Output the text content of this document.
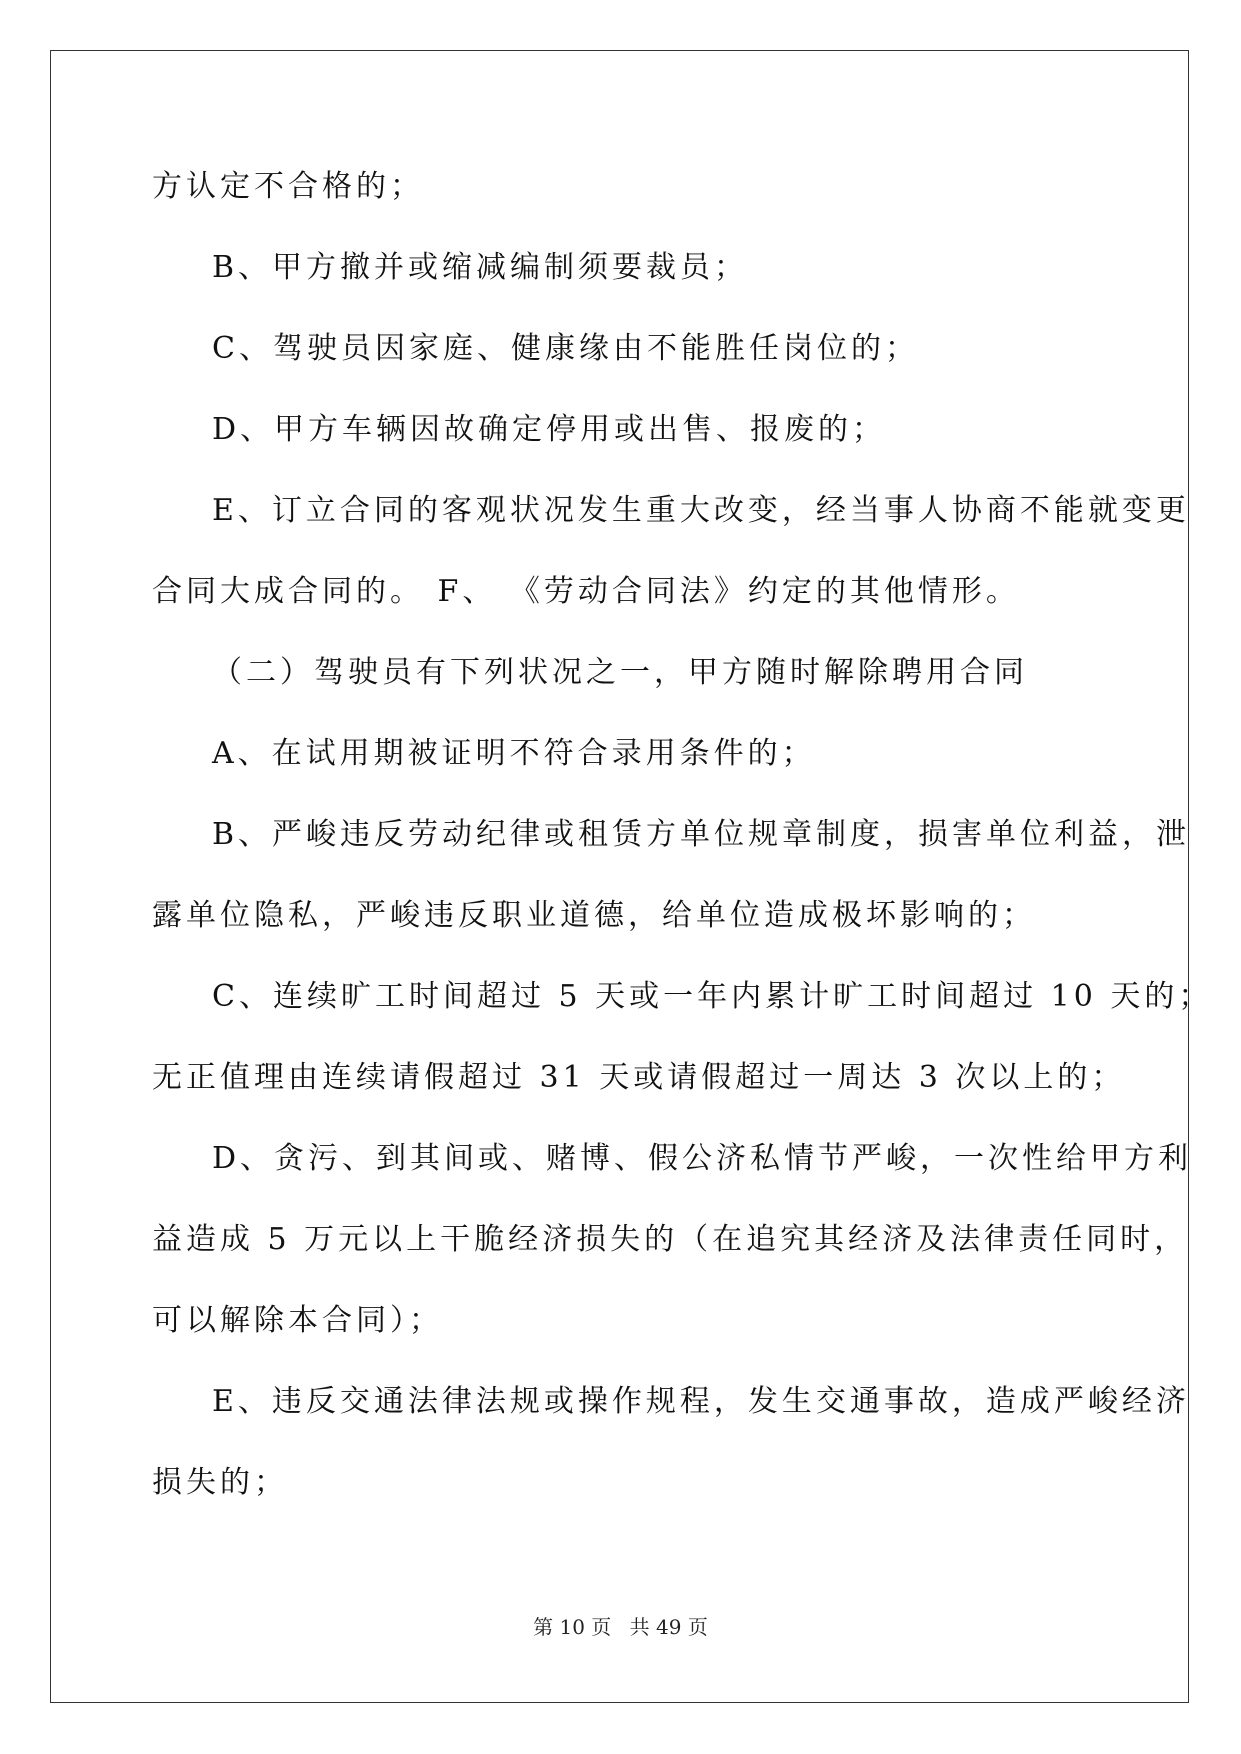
方认定不合格的；
B、甲方撤并或缩减编制须要裁员；
C、驾驶员因家庭、健康缘由不能胜任岗位的；
D、甲方车辆因故确定停用或出售、报废的；
E、订立合同的客观状况发生重大改变，经当事人协商不能就变更
合同大成合同的。 F、 《劳动合同法》约定的其他情形。
（二）驾驶员有下列状况之一，甲方随时解除聘用合同
A、在试用期被证明不符合录用条件的；
B、严峻违反劳动纪律或租赁方单位规章制度，损害单位利益，泄
露单位隐私，严峻违反职业道德，给单位造成极坏影响的；
C、连续旷工时间超过 5 天或一年内累计旷工时间超过 10 天的；
无正值理由连续请假超过 31 天或请假超过一周达 3 次以上的；
D、贪污、到其间或、赌博、假公济私情节严峻，一次性给甲方利
益造成 5 万元以上干脆经济损失的（在追究其经济及法律责任同时，
可以解除本合同）；
E、违反交通法律法规或操作规程，发生交通事故，造成严峻经济
损失的；
第 10 页 共 49 页
